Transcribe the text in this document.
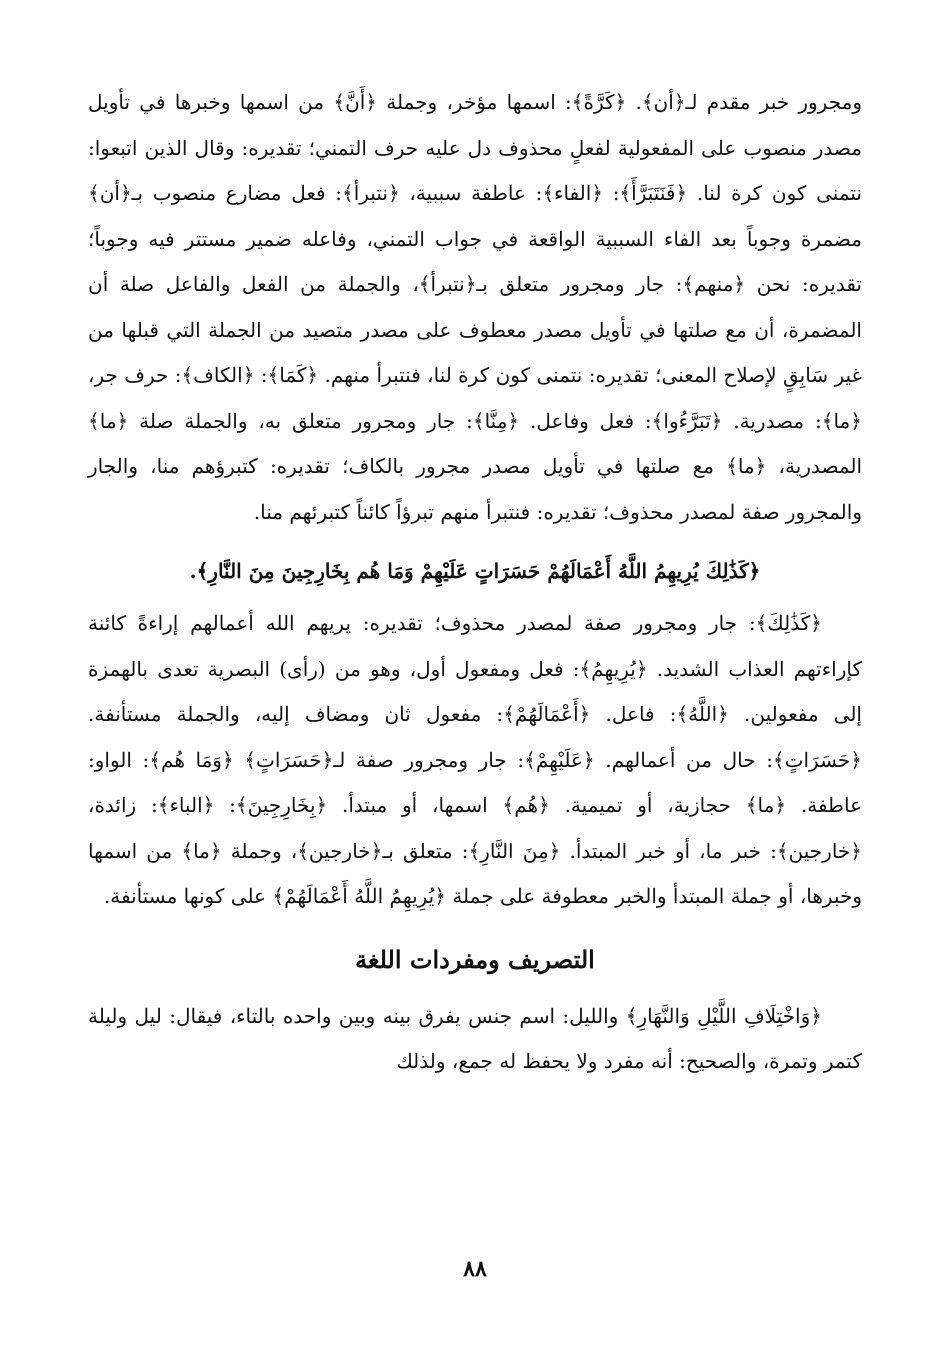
ومجرور خبر مقدم لـ﴿أن﴾. ﴿كَرَّةً﴾: اسمها مؤخر، وجملة ﴿أَنَّ﴾ من اسمها وخبرها في تأويل مصدر منصوب على المفعولية لفعلٍ محذوف دل عليه حرف التمني؛ تقديره: وقال الذين اتبعوا: نتمنى كون كرة لنا. ﴿فَنَتَبَرَّأَ﴾: ﴿الفاء﴾: عاطفة سببية، ﴿نتبرأ﴾: فعل مضارع منصوب بـ﴿أن﴾ مضمرة وجوباً بعد الفاء السببية الواقعة في جواب التمني، وفاعله ضمير مستتر فيه وجوباً؛ تقديره: نحن ﴿منهم﴾: جار ومجرور متعلق بـ﴿نتبرأ﴾، والجملة من الفعل والفاعل صلة أن المضمرة، أن مع صلتها في تأويل مصدر معطوف على مصدر متصيد من الجملة التي قبلها من غير سَابِقٍ لإصلاح المعنى؛ تقديره: نتمنى كون كرة لنا، فنتبرأ منهم. ﴿كَمَا﴾: ﴿الكاف﴾: حرف جر، ﴿ما﴾: مصدرية. ﴿تَبَرَّءُوا﴾: فعل وفاعل. ﴿مِنَّا﴾: جار ومجرور متعلق به، والجملة صلة ﴿ما﴾ المصدرية، ﴿ما﴾ مع صلتها في تأويل مصدر مجرور بالكاف؛ تقديره: كتبرؤهم منا، والجار والمجرور صفة لمصدر محذوف؛ تقديره: فنتبرأ منهم تبرؤاً كائناً كتبرئهم منا.

﴿كَذَٰلِكَ يُرِيهِمُ اللَّهُ أَعْمَالَهُمْ حَسَرَاتٍ عَلَيْهِمْ وَمَا هُم بِخَارِجِينَ مِنَ النَّارِ﴾.

﴿كَذَٰلِكَ﴾: جار ومجرور صفة لمصدر محذوف؛ تقديره: يريهم الله أعمالهم إراءةً كائنة كإراءتهم العذاب الشديد. ﴿يُرِيهِمُ﴾: فعل ومفعول أول، وهو من (رأى) البصرية تعدى بالهمزة إلى مفعولين. ﴿اللَّهُ﴾: فاعل. ﴿أَعْمَالَهُمْ﴾: مفعول ثان ومضاف إليه، والجملة مستأنفة. ﴿حَسَرَاتٍ﴾: حال من أعمالهم. ﴿عَلَيْهِمْ﴾: جار ومجرور صفة لـ﴿حَسَرَاتٍ﴾ ﴿وَمَا هُم﴾: الواو: عاطفة. ﴿ما﴾ حجازية، أو تميمية. ﴿هُم﴾ اسمها، أو مبتدأ. ﴿بِخَارِجِينَ﴾: ﴿الباء﴾: زائدة، ﴿خارجين﴾: خبر ما، أو خبر المبتدأ. ﴿مِنَ النَّارِ﴾: متعلق بـ﴿خارجين﴾، وجملة ﴿ما﴾ من اسمها وخبرها، أو جملة المبتدأ والخبر معطوفة على جملة ﴿يُرِيهِمُ اللَّهُ أَعْمَالَهُمْ﴾ على كونها مستأنفة.

التصريف ومفردات اللغة

﴿وَاخْتِلَافِ اللَّيْلِ وَالنَّهَارِ﴾ والليل: اسم جنس يفرق بينه وبين واحده بالتاء، فيقال: ليل وليلة كتمر وتمرة، والصحيح: أنه مفرد ولا يحفظ له جمع، ولذلك

٨٨
